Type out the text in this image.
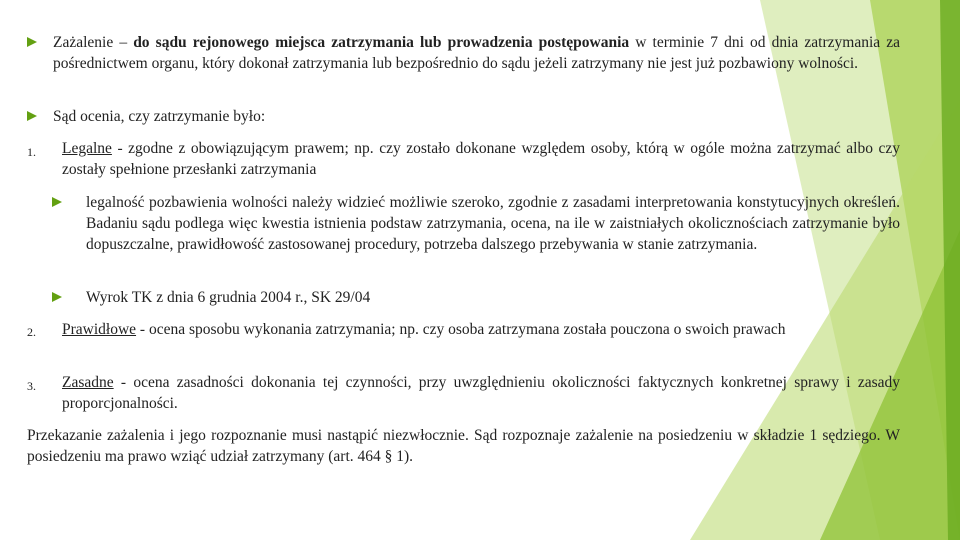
Zażalenie – do sądu rejonowego miejsca zatrzymania lub prowadzenia postępowania w terminie 7 dni od dnia zatrzymania za pośrednictwem organu, który dokonał zatrzymania lub bezpośrednio do sądu jeżeli zatrzymany nie jest już pozbawiony wolności.
Sąd ocenia, czy zatrzymanie było:
1. Legalne - zgodne z obowiązującym prawem; np. czy zostało dokonane względem osoby, którą w ogóle można zatrzymać albo czy zostały spełnione przesłanki zatrzymania
legalność pozbawienia wolności należy widzieć możliwie szeroko, zgodnie z zasadami interpretowania konstytucyjnych określeń. Badaniu sądu podlega więc kwestia istnienia podstaw zatrzymania, ocena, na ile w zaistniałych okolicznościach zatrzymanie było dopuszczalne, prawidłowość zastosowanej procedury, potrzeba dalszego przebywania w stanie zatrzymania.
Wyrok TK z dnia 6 grudnia 2004 r., SK 29/04
2. Prawidłowe - ocena sposobu wykonania zatrzymania; np. czy osoba zatrzymana została pouczona o swoich prawach
3. Zasadne - ocena zasadności dokonania tej czynności, przy uwzględnieniu okoliczności faktycznych konkretnej sprawy i zasady proporcjonalności.
Przekazanie zażalenia i jego rozpoznanie musi nastąpić niezwłocznie. Sąd rozpoznaje zażalenie na posiedzeniu w składzie 1 sędziego. W posiedzeniu ma prawo wziąć udział zatrzymany (art. 464 § 1).
